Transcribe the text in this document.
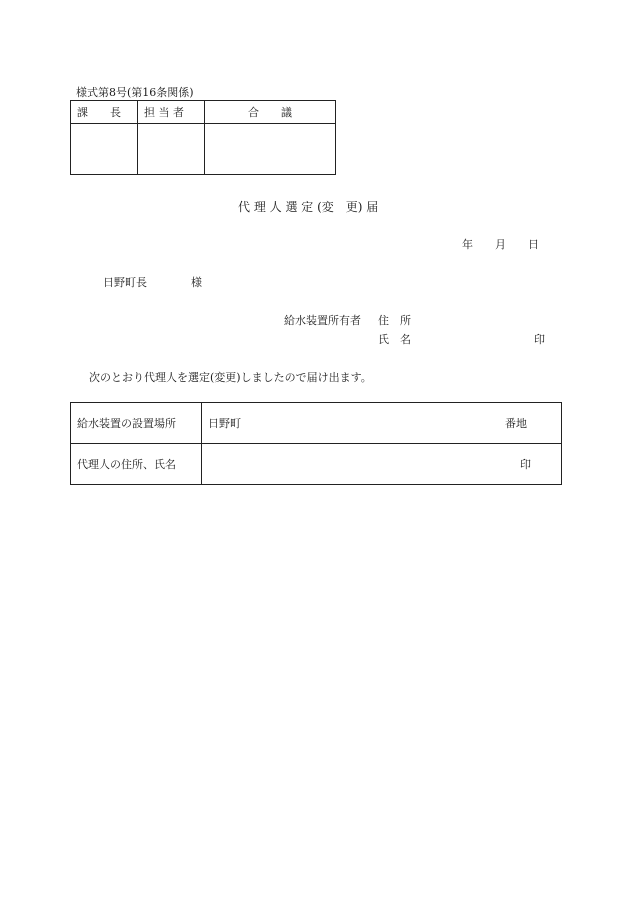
様式第8号(第16条関係)
課　　長	担 当 者	合　　議

代 理 人 選 定 (変　更) 届
年　　月　　日
日野町長　　　　様
給水装置所有者 住　所
氏　名	印
次のとおり代理人を選定(変更)しましたので届け出ます。
給水装置の設置場所	日野町 番地

代理人の住所、氏名	印
